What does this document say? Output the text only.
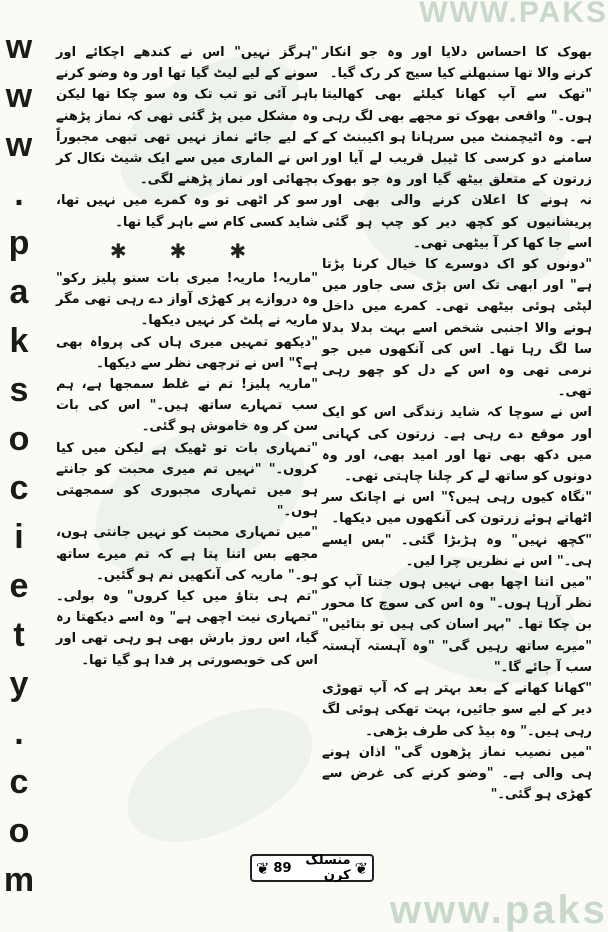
WWW.PAKS
w
w
w
.
p
a
k
s
o
c
i
e
t
y
.
c
o
m

بھوک کا احساس دلایا اور وہ جو انکار کرنے والا تھا سنبھلنے کیا سیج کر رک گیا۔

"تھک سے آپ کھانا کیلئے بھی کھالیتا ہوں۔" واقعی بھوک تو مجھے بھی لگ رہی ہے۔ وہ اٹیچمنٹ میں سرہانا ہو اکیبنٹ کے سامنے دو کرسی کا ٹیبل قریب لے آیا اور زرتون کے متعلق بیٹھ گیا اور وہ جو بھوک نہ ہونے کا اعلان کرنے والی بھی اور پریشانیوں کو کچھ دیر کو چپ ہو گئی اسے جا کھا کر آ بیٹھی تھی۔

"دونوں کو اک دوسرے کا خیال کرنا پڑتا ہے" اور ابھی تک اس بڑی سی جاور میں لپٹی ہوئی بیٹھی تھی۔ کمرے میں داخل ہونے والا اجنبی شخص اسے بہت بدلا بدلا سا لگ رہا تھا۔ اس کی آنکھوں میں جو نرمی تھی وہ اس کے دل کو چھو رہی تھی۔

اس نے سوچا کہ شاید زندگی اس کو ایک اور موقع دے رہی ہے۔ زرتون کی کہانی میں دکھ بھی تھا اور امید بھی، اور وہ دونوں کو ساتھ لے کر چلنا چاہتی تھی۔

"نگاہ کیوں رہی ہیں؟" اس نے اچانک سر اٹھاتے ہوئے زرتون کی آنکھوں میں دیکھا۔

"کچھ نہیں" وہ ہڑبڑا گئی۔ "بس ایسے ہی۔" اس نے نظریں چرا لیں۔

"میں اتنا اچھا بھی نہیں ہوں جتنا آپ کو نظر آرہا ہوں۔" وہ اس کی سوچ کا محور بن چکا تھا۔ "بہر اسان کی ہیں تو بتائیں" "میرے ساتھ رہیں گی" "وہ آہستہ آہستہ سب آ جائے گا۔"

"کھانا کھانے کے بعد بہتر ہے کہ آپ تھوڑی دیر کے لیے سو جائیں، بہت تھکی ہوئی لگ رہی ہیں۔" وہ بیڈ کی طرف بڑھی۔

"میں نصیب نماز پڑھوں گی" اذان ہونے ہی والی ہے۔ "وضو کرنے کی غرض سے کھڑی ہو گئی۔"

"ہرگز نہیں" اس نے کندھے اچکائے اور سونے کے لیے لیٹ گیا تھا اور وہ وضو کرنے باہر آئی تو تب تک وہ سو چکا تھا لیکن وہ مشکل میں پڑ گئی تھی کہ نماز پڑھنے کے لیے جائے نماز نہیں تھی تبھی مجبوراً اس نے الماری میں سے ایک شیٹ نکال کر بچھائی اور نماز پڑھنے لگی۔

سو کر اٹھی تو وہ کمرے میں نہیں تھا، شاید کسی کام سے باہر گیا تھا۔

✱ ✱ ✱

"ماریہ! ماریہ! میری بات سنو پلیز رکو" وہ دروازے پر کھڑی آواز دے رہی تھی مگر ماریہ نے پلٹ کر نہیں دیکھا۔

"دیکھو تمہیں میری ہاں کی پرواہ بھی ہے؟" اس نے ترچھی نظر سے دیکھا۔

"ماریہ پلیز! تم نے غلط سمجھا ہے، ہم سب تمہارے ساتھ ہیں۔" اس کی بات سن کر وہ خاموش ہو گئی۔

"تمہاری بات تو ٹھیک ہے لیکن میں کیا کروں۔" "نہیں تم میری محبت کو جانتے ہو میں تمہاری مجبوری کو سمجھتی ہوں۔"

"میں تمہاری محبت کو نہیں جانتی ہوں، مجھے بس اتنا پتا ہے کہ تم میرے ساتھ ہو۔" ماریہ کی آنکھیں نم ہو گئیں۔

"تم ہی بتاؤ میں کیا کروں" وہ بولی۔ "تمہاری نیت اچھی ہے" وہ اسے دیکھتا رہ گیا، اس روز بارش بھی ہو رہی تھی اور اس کی خوبصورتی پر فدا ہو گیا تھا۔

❦
منسلک کرن
89
❦
www.paks
